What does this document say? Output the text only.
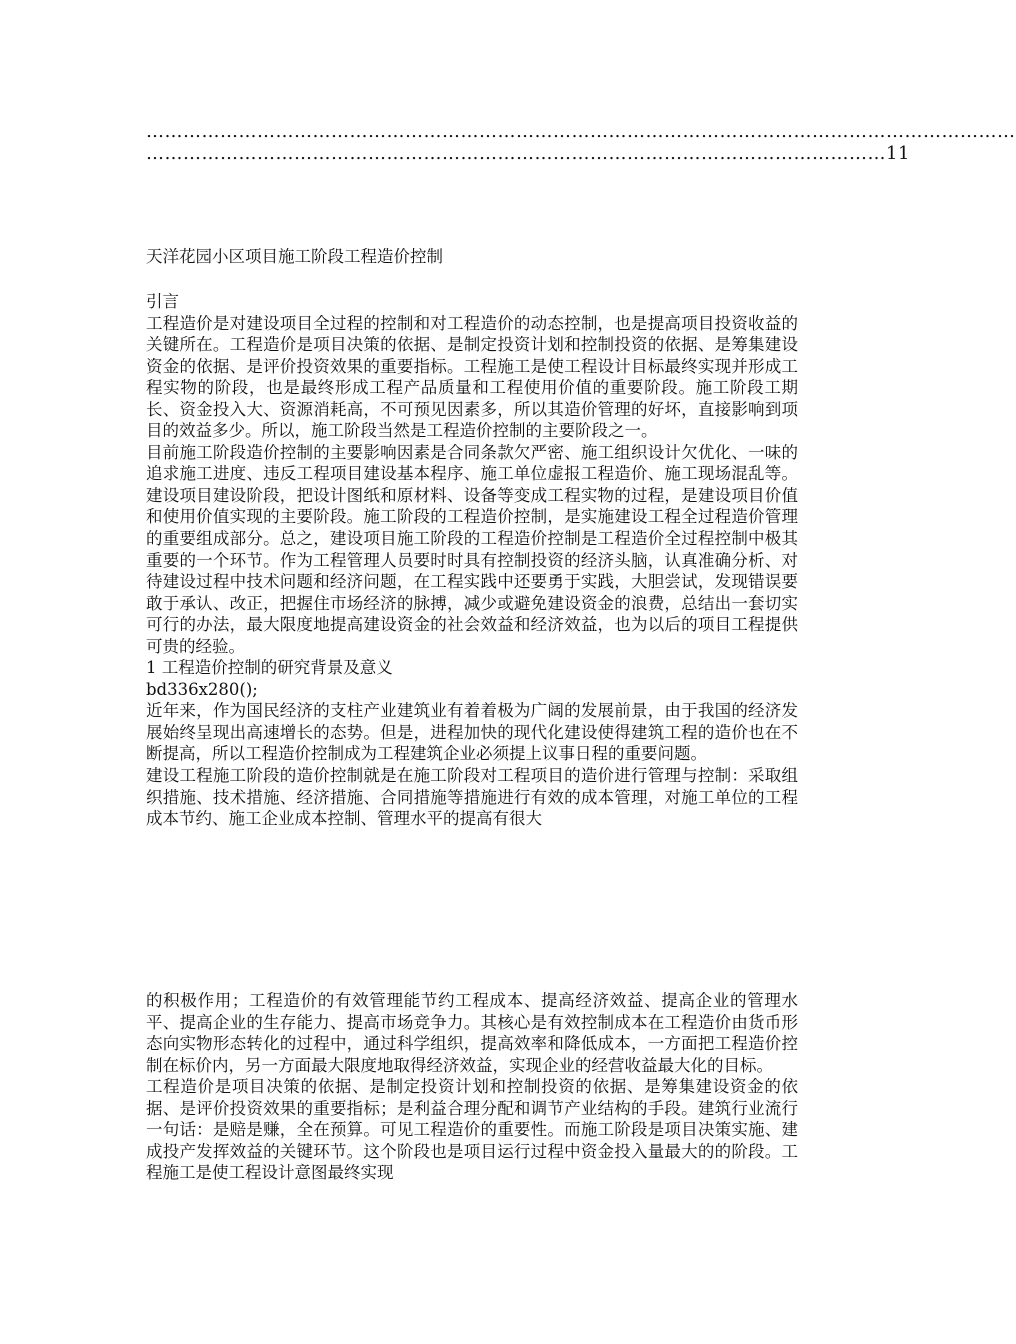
……………………………………………………………………………………………………………………………
…………………………………………………………………………………………………………11
天洋花园小区项目施工阶段工程造价控制

引言

工程造价是对建设项目全过程的控制和对工程造价的动态控制，也是提高项目投资收益的关键所在。工程造价是项目决策的依据、是制定投资计划和控制投资的依据、是筹集建设资金的依据、是评价投资效果的重要指标。工程施工是使工程设计目标最终实现并形成工程实物的阶段，也是最终形成工程产品质量和工程使用价值的重要阶段。施工阶段工期长、资金投入大、资源消耗高，不可预见因素多，所以其造价管理的好坏，直接影响到项目的效益多少。所以，施工阶段当然是工程造价控制的主要阶段之一。

目前施工阶段造价控制的主要影响因素是合同条款欠严密、施工组织设计欠优化、一味的追求施工进度、违反工程项目建设基本程序、施工单位虚报工程造价、施工现场混乱等。建设项目建设阶段，把设计图纸和原材料、设备等变成工程实物的过程，是建设项目价值和使用价值实现的主要阶段。施工阶段的工程造价控制，是实施建设工程全过程造价管理的重要组成部分。总之，建设项目施工阶段的工程造价控制是工程造价全过程控制中极其重要的一个环节。作为工程管理人员要时时具有控制投资的经济头脑，认真准确分析、对待建设过程中技术问题和经济问题，在工程实践中还要勇于实践，大胆尝试，发现错误要敢于承认、改正，把握住市场经济的脉搏，减少或避免建设资金的浪费，总结出一套切实可行的办法，最大限度地提高建设资金的社会效益和经济效益，也为以后的项目工程提供可贵的经验。

1 工程造价控制的研究背景及意义

bd336x280();

近年来，作为国民经济的支柱产业建筑业有着着极为广阔的发展前景，由于我国的经济发展始终呈现出高速增长的态势。但是，进程加快的现代化建设使得建筑工程的造价也在不断提高，所以工程造价控制成为工程建筑企业必须提上议事日程的重要问题。

建设工程施工阶段的造价控制就是在施工阶段对工程项目的造价进行管理与控制：采取组织措施、技术措施、经济措施、合同措施等措施进行有效的成本管理，对施工单位的工程成本节约、施工企业成本控制、管理水平的提高有很大

的积极作用；工程造价的有效管理能节约工程成本、提高经济效益、提高企业的管理水平、提高企业的生存能力、提高市场竞争力。其核心是有效控制成本在工程造价由货币形态向实物形态转化的过程中，通过科学组织，提高效率和降低成本，一方面把工程造价控制在标价内，另一方面最大限度地取得经济效益，实现企业的经营收益最大化的目标。

工程造价是项目决策的依据、是制定投资计划和控制投资的依据、是筹集建设资金的依据、是评价投资效果的重要指标；是利益合理分配和调节产业结构的手段。建筑行业流行一句话：是赔是赚，全在预算。可见工程造价的重要性。而施工阶段是项目决策实施、建成投产发挥效益的关键环节。这个阶段也是项目运行过程中资金投入量最大的的阶段。工程施工是使工程设计意图最终实现
